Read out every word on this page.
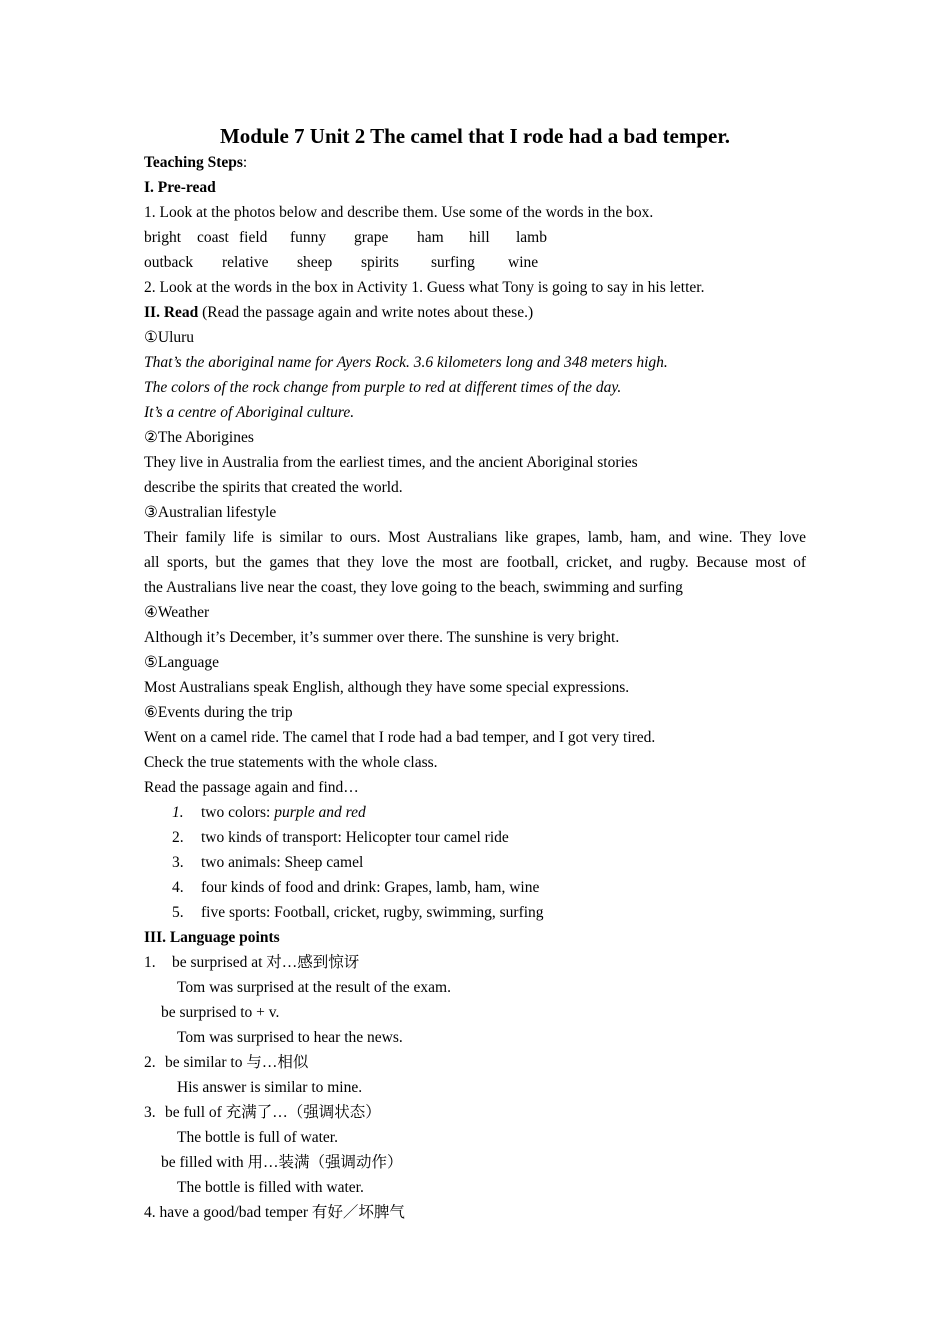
Module 7 Unit 2 The camel that I rode had a bad temper.

Teaching Steps:

I. Pre-read

1. Look at the photos below and describe them. Use some of the words in the box.

bright coast field funny grape ham hill lamb

outback relative sheep spirits surfing wine

2. Look at the words in the box in Activity 1. Guess what Tony is going to say in his letter.

II. Read (Read the passage again and write notes about these.)

①Uluru

That’s the aboriginal name for Ayers Rock. 3.6 kilometers long and 348 meters high.

The colors of the rock change from purple to red at different times of the day.

It’s a centre of Aboriginal culture.

②The Aborigines

They live in Australia from the earliest times, and the ancient Aboriginal stories

describe the spirits that created the world.

③Australian lifestyle

Their family life is similar to ours. Most Australians like grapes, lamb, ham, and wine. They love

all sports, but the games that they love the most are football, cricket, and rugby. Because most of

the Australians live near the coast, they love going to the beach, swimming and surfing

④Weather

Although it’s December, it’s summer over there. The sunshine is very bright.

⑤Language

Most Australians speak English, although they have some special expressions.

⑥Events during the trip

Went on a camel ride. The camel that I rode had a bad temper, and I got very tired.

Check the true statements with the whole class.

Read the passage again and find…

1. two colors: purple and red

2. two kinds of transport: Helicopter tour camel ride

3. two animals: Sheep camel

4. four kinds of food and drink: Grapes, lamb, ham, wine

5. five sports: Football, cricket, rugby, swimming, surfing

III. Language points

1. be surprised at 对…感到惊讶

Tom was surprised at the result of the exam.

be surprised to + v.

Tom was surprised to hear the news.

2. be similar to 与…相似

His answer is similar to mine.

3. be full of 充满了…（强调状态）

The bottle is full of water.

be filled with 用…装满（强调动作）

The bottle is filled with water.

4. have a good/bad temper 有好／坏脾气
